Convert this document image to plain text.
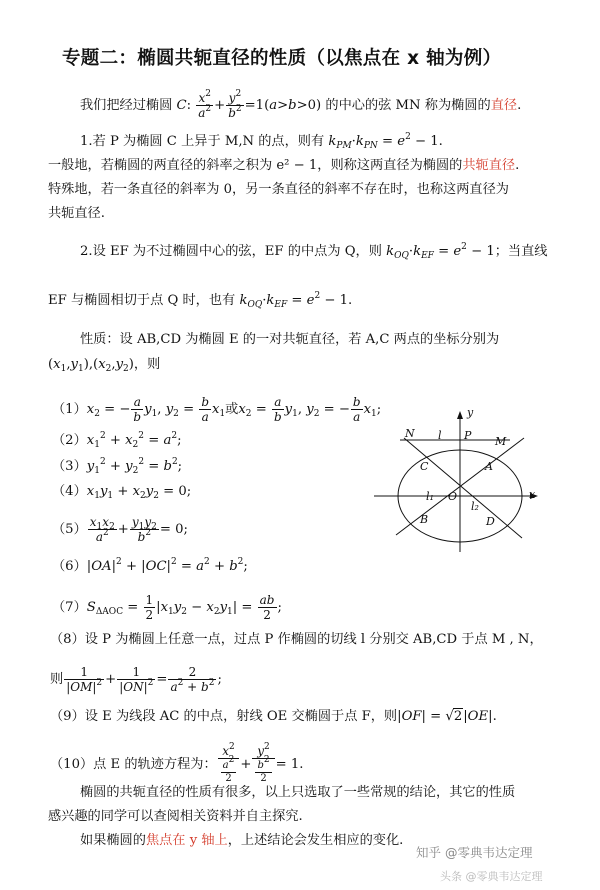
专题二：椭圆共轭直径的性质（以焦点在 x 轴为例）
我们把经过椭圆 C: $\frac{x^2}{a^2} + \frac{y^2}{b^2} =1(a>b>0)$ 的中心的弦 MN 称为椭圆的直径.
1.若 P 为椭圆 C 上异于 M,N 的点，则有 $k_{PM}\cdot k_{PN} = e^2 - 1$.
一般地，若椭圆的两直径的斜率之积为 e² − 1，则称这两直径为椭圆的共轭直径.
特殊地，若一条直径的斜率为 0，另一条直径的斜率不存在时，也称这两直径为
共轭直径.
2.设 EF 为不过椭圆中心的弦，EF 的中点为 Q，则 $k_{OQ}\cdot k_{EF} = e^2 - 1$；当直线
EF 与椭圆相切于点 Q 时，也有 $k_{OQ}\cdot k_{EF} = e^2 - 1$.
性质：设 AB,CD 为椭圆 E 的一对共轭直径，若 A,C 两点的坐标分别为
$(x_1,y_1),(x_2,y_2)$，则
$(1)x_2$ = − $\frac{a}{b} y_1$, $y_2 = \frac{b}{a} x_1$或$x_2 = \frac{a}{b} y_1$, $y_2$ = − $\frac{b}{a} x_1$;
$(2)x_1^2 + x_2^2 = a^2$;
$(3)y_1^2 + y_2^2 = b^2$;
$(4)x_1y_1 + x_2y_2 = 0$;
$(5) \frac{x_1x_2}{a^2} + \frac{y_1y_2}{b^2} = 0$;
$(6)|OA|^2 + |OC|^2 = a^2 + b^2$;
$(7)S_{\Delta AOC} = \frac{1}{2} |x_1y_2 - x_2y_1| = \frac{ab}{2}$ ;
（8）设 P 为椭圆上任意一点，过点 P 作椭圆的切线 l 分别交 AB,CD 于点 M , N，
则 $\frac{1}{|OM|^2} + \frac{1}{|ON|^2} = \frac{2}{a^2 + b^2}$ ;
（9）设 E 为线段 AC 的中点，射线 OE 交椭圆于点 F，则|OF| = √2|OE|.
（10）点 E 的轨迹方程为： $\frac{x^2}{\frac{a^2}{2}} + \frac{y^2}{\frac{b^2}{2}} = 1$.
椭圆的共轭直径的性质有很多，以上只选取了一些常规的结论，其它的性质
感兴趣的同学可以查阅相关资料并自主探究.
如果椭圆的焦点在 y 轴上，上述结论会发生相应的变化.
N l P M
y
C	A
x
l₁ O
l₂
B	D
知乎 @零典韦达定理
头条 @零典韦达定理
